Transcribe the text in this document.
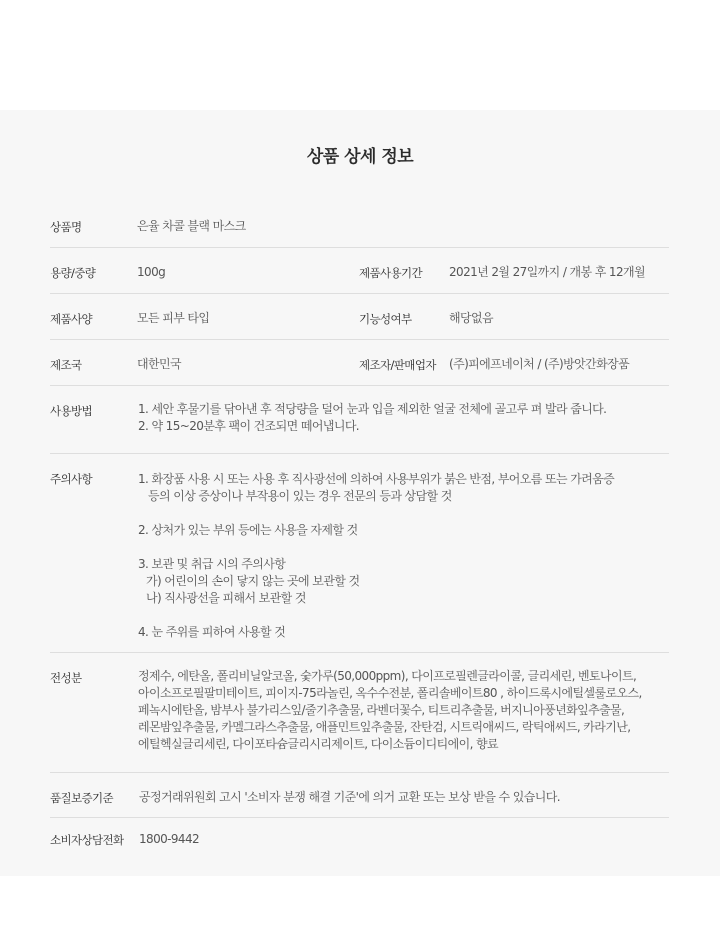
상품 상세 정보
상품명	은율 차콜 블랙 마스크
용량/중량	100g	제품사용기간 2021년 2월 27일까지 / 개봉 후 12개월
제품사양	모든 피부 타입	기능성여부	해당없음
제조국	대한민국	제조자/판매업자 (주)피에프네이처 / (주)방앗간화장품
사용방법	1. 세안 후물기를 닦아낸 후 적당량을 덜어 눈과 입을 제외한 얼굴 전체에 골고루 펴 발라 줍니다.

2. 약 15~20분후 팩이 건조되면 떼어냅니다.

주의사항	1. 화장품 사용 시 또는 사용 후 직사광선에 의하여 사용부위가 붉은 반점, 부어오름 또는 가려움증

등의 이상 증상이나 부작용이 있는 경우 전문의 등과 상담할 것

2. 상처가 있는 부위 등에는 사용을 자제할 것

3. 보관 및 취급 시의 주의사항

가) 어린이의 손이 닿지 않는 곳에 보관할 것

나) 직사광선을 피해서 보관할 것

4. 눈 주위를 피하여 사용할 것

전성분	정제수, 에탄올, 폴리비닐알코올, 숯가루(50,000ppm), 다이프로필렌글라이콜, 글리세린, 벤토나이트,

아이소프로필팔미테이트, 피이지-75라놀린, 옥수수전분, 폴리솔베이트80 , 하이드록시에틸셀룰로오스,

페녹시에탄올, 밤부사 불가리스잎/줄기추출물, 라벤더꽃수, 티트리추출물, 버지니아풍년화잎추출물,

레몬밤잎추출물, 카멜그라스추출물, 애플민트잎추출물, 잔탄검, 시트릭애씨드, 락틱애씨드, 카라기난,

에틸헥실글리세린, 다이포타슘글리시리제이트, 다이소듐이디티에이, 향료

품질보증기준 공정거래위원회 고시 '소비자 분쟁 해결 기준'에 의거 교환 또는 보상 받을 수 있습니다.
소비자상담전화 1800-9442
